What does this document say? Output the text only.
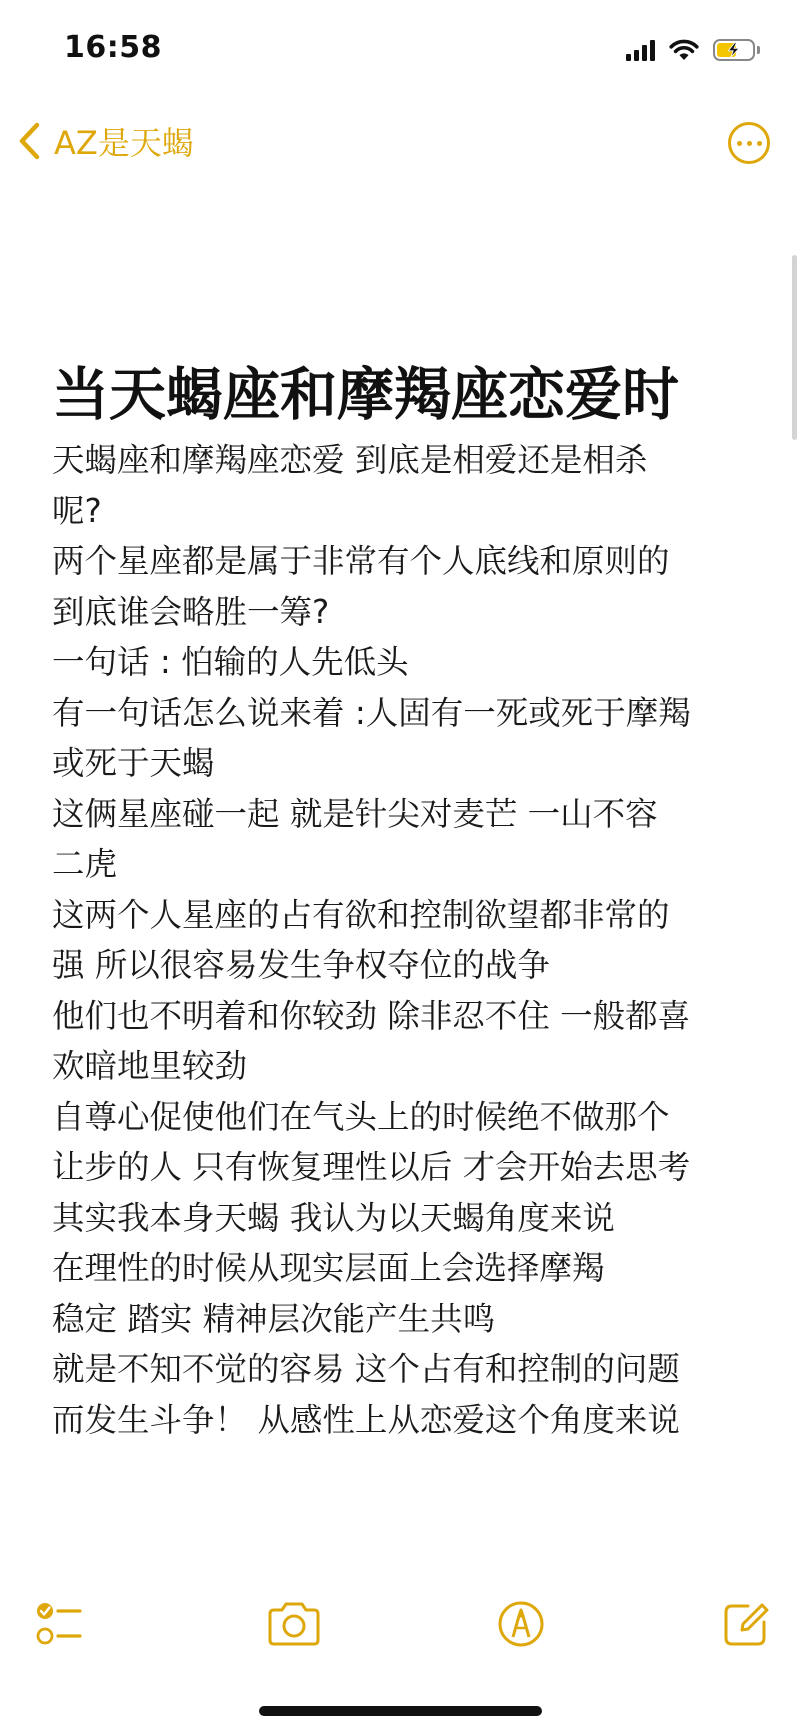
16:58
AZ是天蝎
当天蝎座和摩羯座恋爱时
天蝎座和摩羯座恋爱 到底是相爱还是相杀
呢?
两个星座都是属于非常有个人底线和原则的
到底谁会略胜一筹?
一句话 : 怕输的人先低头
有一句话怎么说来着 :人固有一死或死于摩羯
或死于天蝎
这俩星座碰一起 就是针尖对麦芒 一山不容
二虎
这两个人星座的占有欲和控制欲望都非常的
强 所以很容易发生争权夺位的战争
他们也不明着和你较劲 除非忍不住 一般都喜
欢暗地里较劲
自尊心促使他们在气头上的时候绝不做那个
让步的人 只有恢复理性以后 才会开始去思考
其实我本身天蝎 我认为以天蝎角度来说
在理性的时候从现实层面上会选择摩羯
稳定 踏实 精神层次能产生共鸣
就是不知不觉的容易 这个占有和控制的问题
而发生斗争！ 从感性上从恋爱这个角度来说
